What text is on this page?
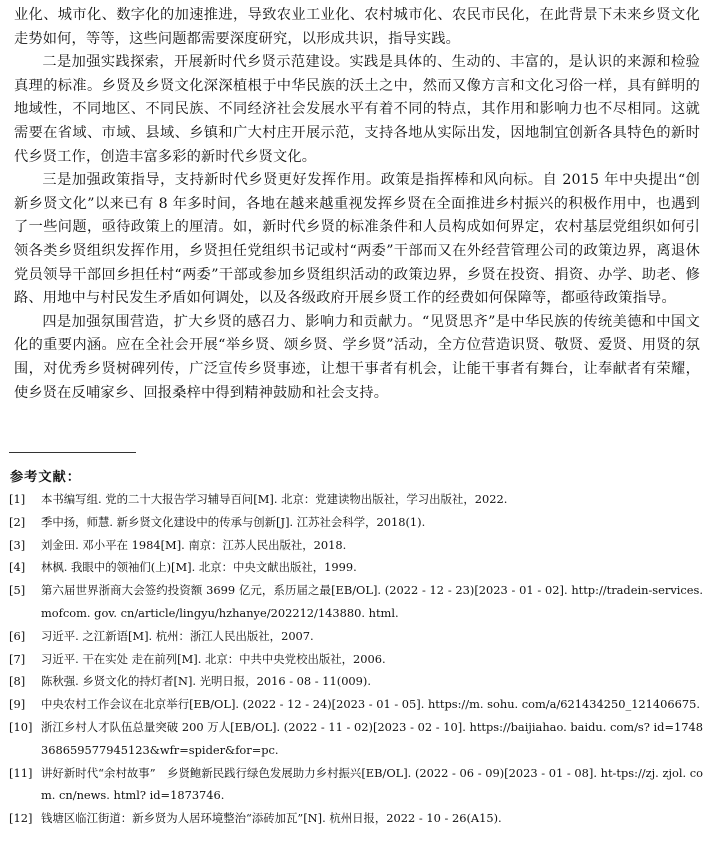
业化、城市化、数字化的加速推进，导致农业工业化、农村城市化、农民市民化，在此背景下未来乡贤文化走势如何，等等，这些问题都需要深度研究，以形成共识，指导实践。

二是加强实践探索，开展新时代乡贤示范建设。实践是具体的、生动的、丰富的，是认识的来源和检验真理的标准。乡贤及乡贤文化深深植根于中华民族的沃土之中，然而又像方言和文化习俗一样，具有鲜明的地域性，不同地区、不同民族、不同经济社会发展水平有着不同的特点，其作用和影响力也不尽相同。这就需要在省域、市域、县域、乡镇和广大村庄开展示范，支持各地从实际出发，因地制宜创新各具特色的新时代乡贤工作，创造丰富多彩的新时代乡贤文化。

三是加强政策指导，支持新时代乡贤更好发挥作用。政策是指挥棒和风向标。自 2015 年中央提出“创新乡贤文化”以来已有 8 年多时间，各地在越来越重视发挥乡贤在全面推进乡村振兴的积极作用中，也遇到了一些问题，亟待政策上的厘清。如，新时代乡贤的标准条件和人员构成如何界定，农村基层党组织如何引领各类乡贤组织发挥作用，乡贤担任党组织书记或村“两委”干部而又在外经营管理公司的政策边界，离退休党员领导干部回乡担任村“两委”干部或参加乡贤组织活动的政策边界，乡贤在投资、捐资、办学、助老、修路、用地中与村民发生矛盾如何调处，以及各级政府开展乡贤工作的经费如何保障等，都亟待政策指导。

四是加强氛围营造，扩大乡贤的感召力、影响力和贡献力。“见贤思齐”是中华民族的传统美德和中国文化的重要内涵。应在全社会开展“举乡贤、颂乡贤、学乡贤”活动，全方位营造识贤、敬贤、爱贤、用贤的氛围，对优秀乡贤树碑列传，广泛宣传乡贤事迹，让想干事者有机会，让能干事者有舞台，让奉献者有荣耀，使乡贤在反哺家乡、回报桑梓中得到精神鼓励和社会支持。

参考文献：
[1]	本书编写组. 党的二十大报告学习辅导百问[M]. 北京：党建读物出版社，学习出版社，2022.
[2]	季中扬，师慧. 新乡贤文化建设中的传承与创新[J]. 江苏社会科学，2018(1).
[3]	刘金田. 邓小平在 1984[M]. 南京：江苏人民出版社，2018.
[4]	林枫. 我眼中的领袖们(上)[M]. 北京：中央文献出版社，1999.
[5]	第六届世界浙商大会签约投资额 3699 亿元，系历届之最[EB/OL]. (2022 - 12 - 23)[2023 - 01 - 02]. http://tradein-services. mofcom. gov. cn/article/lingyu/hzhanye/202212/143880. html.
[6]	习近平. 之江新语[M]. 杭州：浙江人民出版社，2007.
[7]	习近平. 干在实处 走在前列[M]. 北京：中共中央党校出版社，2006.
[8]	陈秋强. 乡贤文化的持灯者[N]. 光明日报，2016 - 08 - 11(009).
[9]	中央农村工作会议在北京举行[EB/OL]. (2022 - 12 - 24)[2023 - 01 - 05]. https://m. sohu. com/a/621434250_121406675.
[10] 浙江乡村人才队伍总量突破 200 万人[EB/OL]. (2022 - 11 - 02)[2023 - 02 - 10]. https://baijiahao. baidu. com/s? id=1748368659577945123&wfr=spider&for=pc.
[11] 讲好新时代“余村故事”　乡贤鲍新民践行绿色发展助力乡村振兴[EB/OL]. (2022 - 06 - 09)[2023 - 01 - 08]. ht-tps://zj. zjol. com. cn/news. html? id=1873746.
[12] 钱塘区临江街道：新乡贤为人居环境整治“添砖加瓦”[N]. 杭州日报，2022 - 10 - 26(A15).
